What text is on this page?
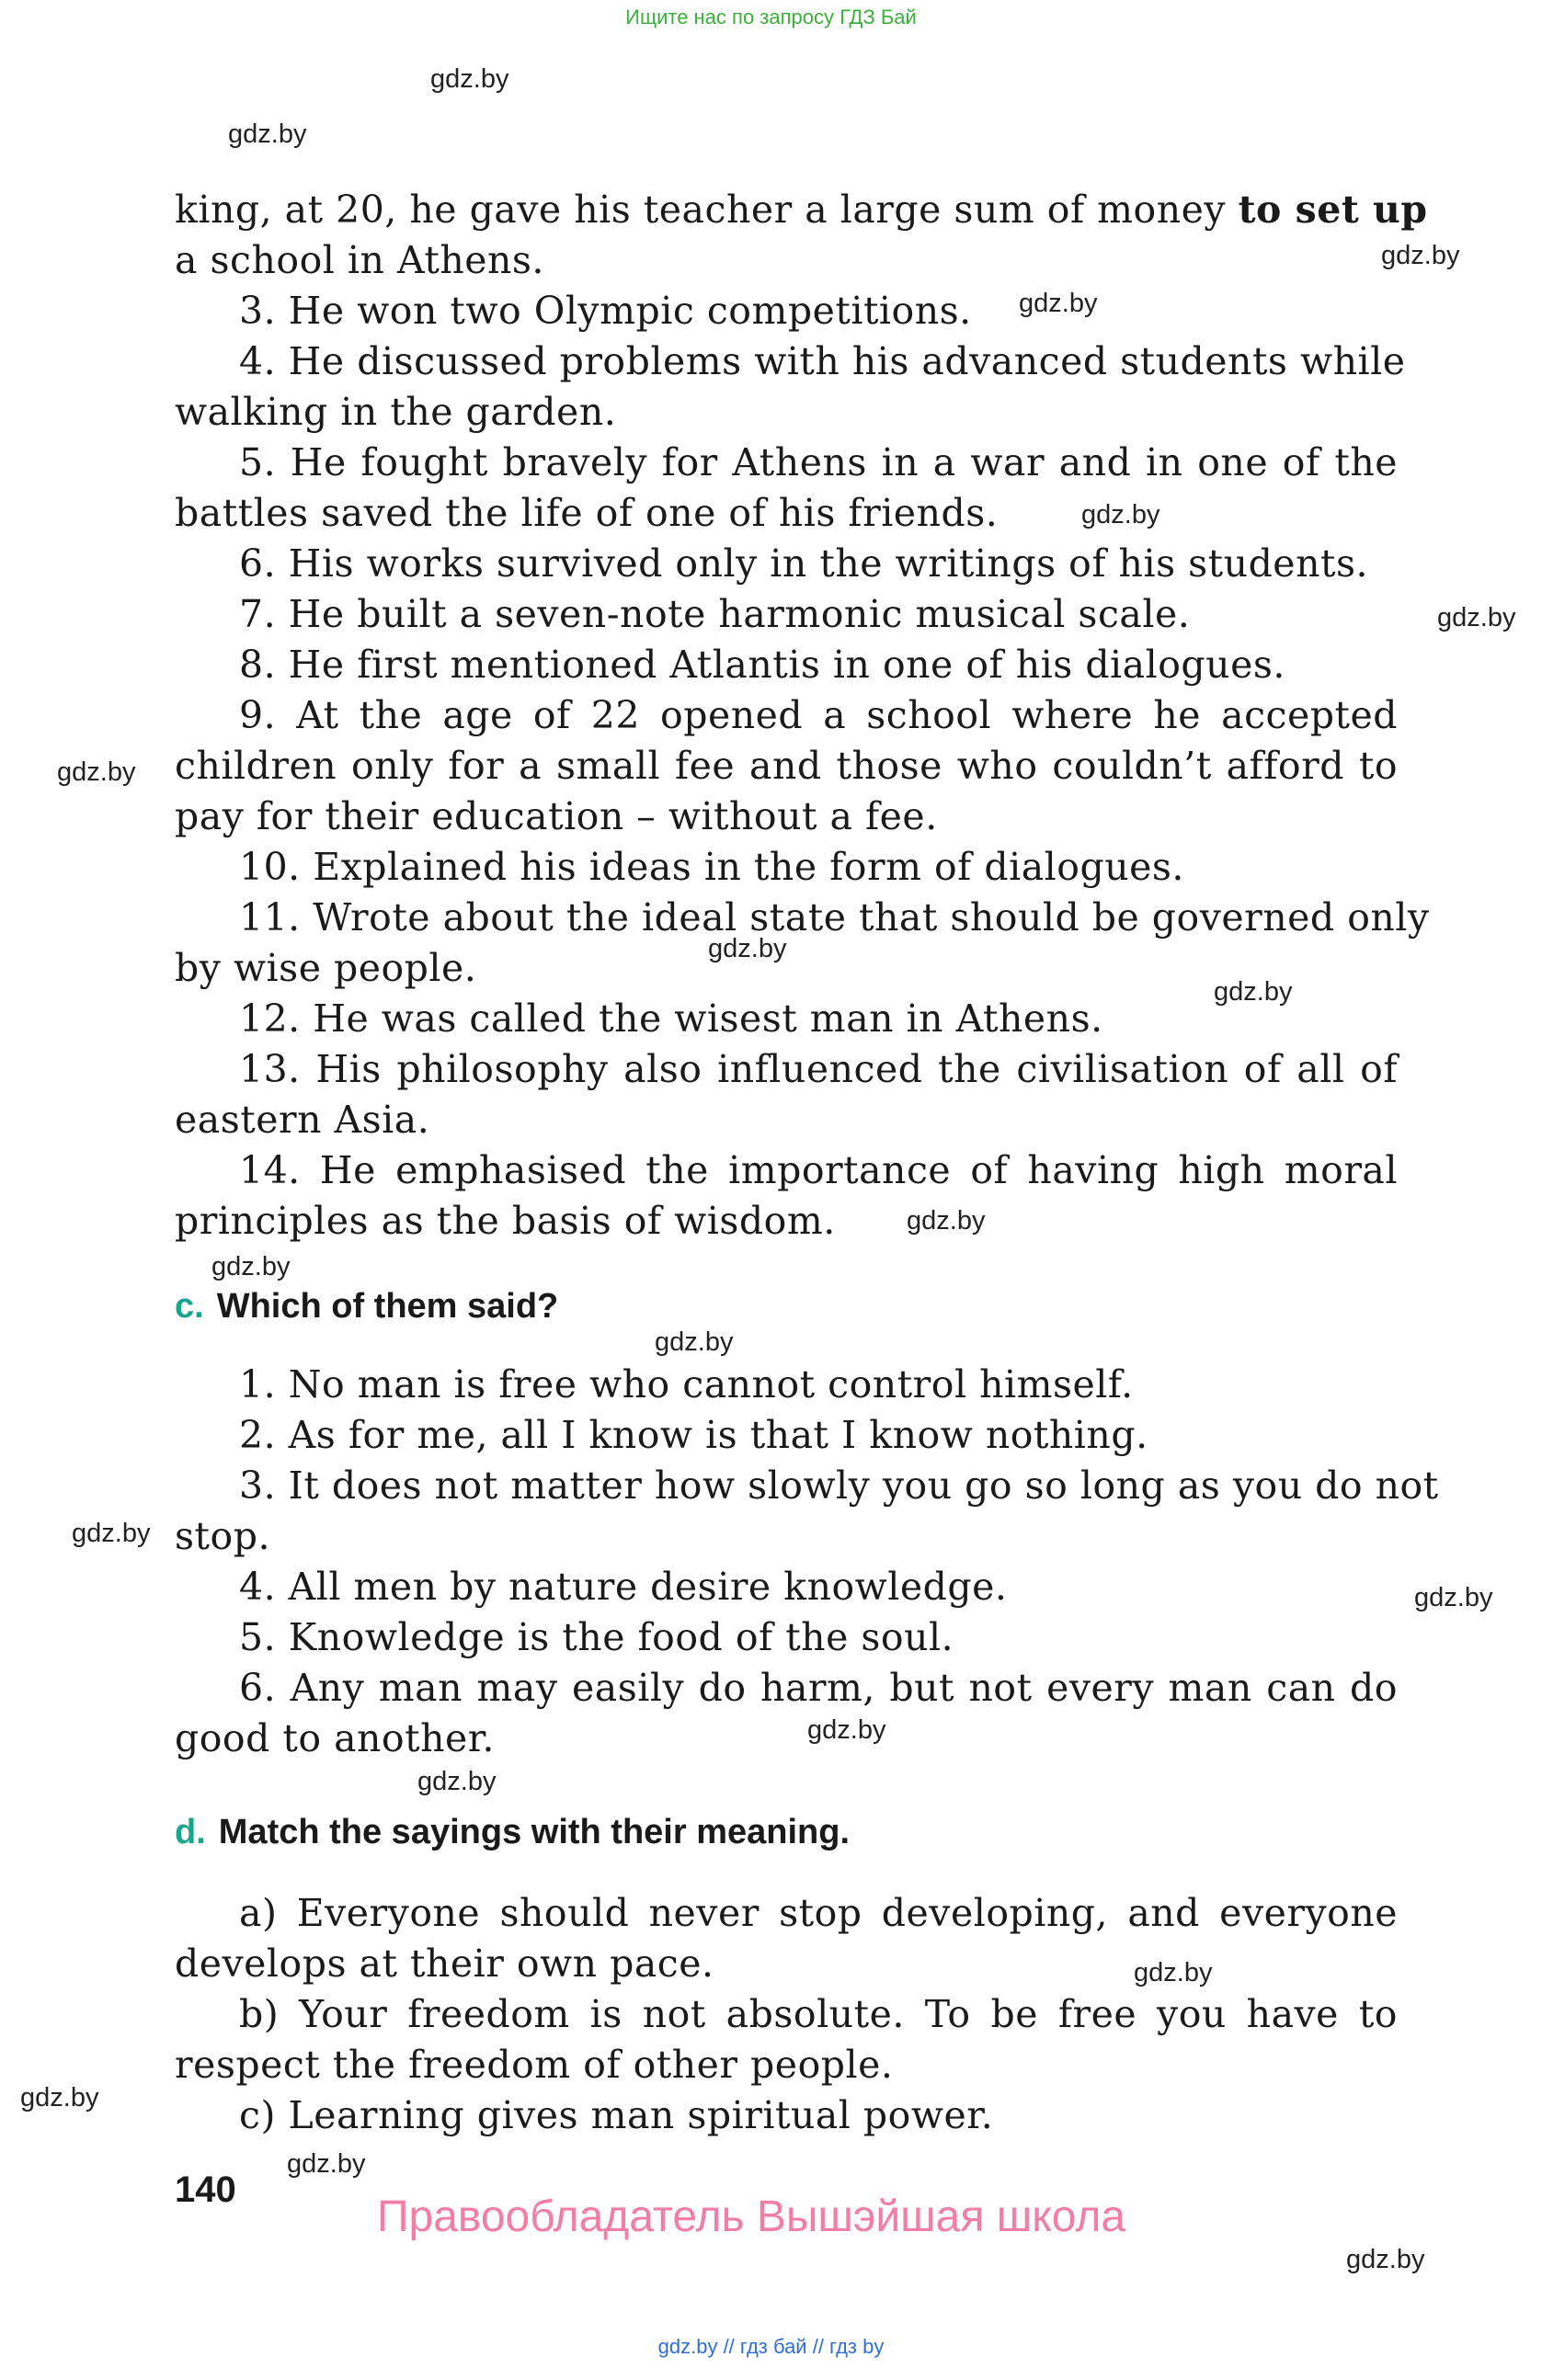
Ищите нас по запросу ГДЗ Бай
gdz.by
gdz.by
gdz.by
gdz.by
gdz.by
gdz.by
gdz.by
gdz.by
gdz.by
gdz.by
gdz.by
gdz.by
gdz.by
gdz.by
gdz.by
gdz.by
gdz.by
gdz.by
gdz.by
gdz.by
king, at 20, he gave his teacher a large sum of money to set up
a school in Athens.
3. He won two Olympic competitions.
4. He discussed problems with his advanced students while
walking in the garden.
5. He fought bravely for Athens in a war and in one of the
battles saved the life of one of his friends.
6. His works survived only in the writings of his students.
7. He built a seven-note harmonic musical scale.
8. He first mentioned Atlantis in one of his dialogues.
9. At the age of 22 opened a school where he accepted
children only for a small fee and those who couldn’t afford to
pay for their education – without a fee.
10. Explained his ideas in the form of dialogues.
11. Wrote about the ideal state that should be governed only
by wise people.
12. He was called the wisest man in Athens.
13. His philosophy also influenced the civilisation of all of
eastern Asia.
14. He emphasised the importance of having high moral
principles as the basis of wisdom.
c. Which of them said?
1. No man is free who cannot control himself.
2. As for me, all I know is that I know nothing.
3. It does not matter how slowly you go so long as you do not
stop.
4. All men by nature desire knowledge.
5. Knowledge is the food of the soul.
6. Any man may easily do harm, but not every man can do
good to another.
d. Match the sayings with their meaning.
a) Everyone should never stop developing, and everyone
develops at their own pace.
b) Your freedom is not absolute. To be free you have to
respect the freedom of other people.
c) Learning gives man spiritual power.
140
Правообладатель Вышэйшая школа
gdz.by // гдз бай // гдз by
